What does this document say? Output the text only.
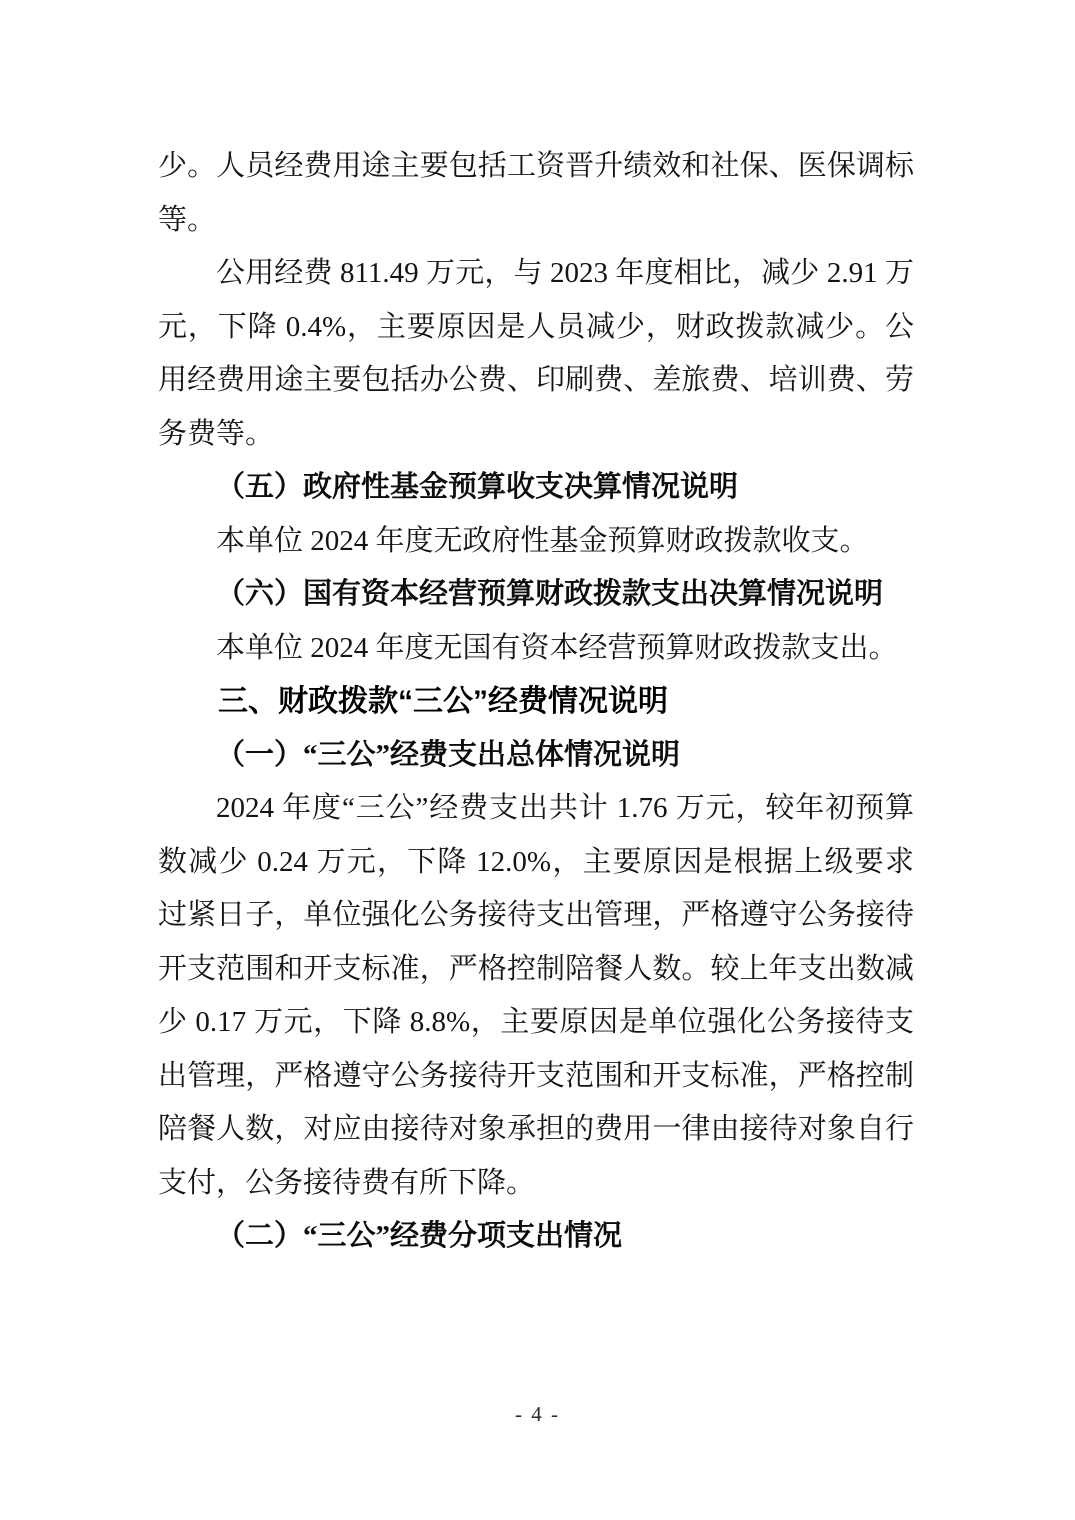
少。人员经费用途主要包括工资晋升绩效和社保、医保调标等。

公用经费 811.49 万元，与 2023 年度相比，减少 2.91 万元，下降 0.4%，主要原因是人员减少，财政拨款减少。公用经费用途主要包括办公费、印刷费、差旅费、培训费、劳务费等。

（五）政府性基金预算收支决算情况说明

本单位 2024 年度无政府性基金预算财政拨款收支。

（六）国有资本经营预算财政拨款支出决算情况说明

本单位 2024 年度无国有资本经营预算财政拨款支出。

三、财政拨款“三公”经费情况说明

（一）“三公”经费支出总体情况说明

2024 年度“三公”经费支出共计 1.76 万元，较年初预算数减少 0.24 万元，下降 12.0%，主要原因是根据上级要求过紧日子，单位强化公务接待支出管理，严格遵守公务接待开支范围和开支标准，严格控制陪餐人数。较上年支出数减少 0.17 万元，下降 8.8%，主要原因是单位强化公务接待支出管理，严格遵守公务接待开支范围和开支标准，严格控制陪餐人数，对应由接待对象承担的费用一律由接待对象自行支付，公务接待费有所下降。

（二）“三公”经费分项支出情况

- 4 -
